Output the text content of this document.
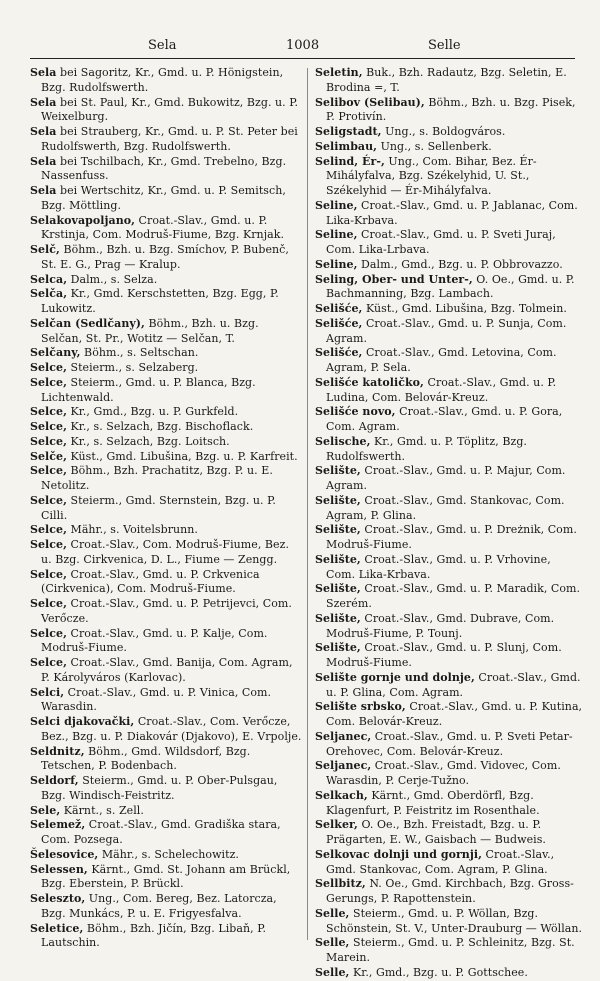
Sela	1008	Selle
Sela bei Sagoritz, Kr., Gmd. u. P. Hönigstein, Bzg. Rudolfswerth.
Sela bei St. Paul, Kr., Gmd. Bukowitz, Bzg. u. P. Weixelburg.
Sela bei Strauberg, Kr., Gmd. u. P. St. Peter bei Rudolfswerth, Bzg. Rudolfswerth.
Sela bei Tschilbach, Kr., Gmd. Trebelno, Bzg. Nassenfuss.
Sela bei Wertschitz, Kr., Gmd. u. P. Semitsch, Bzg. Möttling.
Selakovapoljano, Croat.-Slav., Gmd. u. P. Krstinja, Com. Modruš-Fiume, Bzg. Krnjak.
Selč, Böhm., Bzh. u. Bzg. Smíchov, P. Bubenč, St. E. G., Prag — Kralup.
Selca, Dalm., s. Selza.
Selča, Kr., Gmd. Kerschstetten, Bzg. Egg, P. Lukowitz.
Selčan (Sedlčany), Böhm., Bzh. u. Bzg. Selčan, St. Pr., Wotitz — Selčan, T.
Selčany, Böhm., s. Seltschan.
Selce, Steierm., s. Selzaberg.
Selce, Steierm., Gmd. u. P. Blanca, Bzg. Lichtenwald.
Selce, Kr., Gmd., Bzg. u. P. Gurkfeld.
Selce, Kr., s. Selzach, Bzg. Bischoflack.
Selce, Kr., s. Selzach, Bzg. Loitsch.
Selče, Küst., Gmd. Libušina, Bzg. u. P. Karfreit.
Selce, Böhm., Bzh. Prachatitz, Bzg. P. u. E. Netolitz.
Selce, Steierm., Gmd. Sternstein, Bzg. u. P. Cilli.
Selce, Mähr., s. Voitelsbrunn.
Selce, Croat.-Slav., Com. Modruš-Fiume, Bez. u. Bzg. Cirkvenica, D. L., Fiume — Zengg.
Selce, Croat.-Slav., Gmd. u. P. Crkvenica (Cirkvenica), Com. Modruš-Fiume.
Selce, Croat.-Slav., Gmd. u. P. Petrijevci, Com. Verőcze.
Selce, Croat.-Slav., Gmd. u. P. Kalje, Com. Modruš-Fiume.
Selce, Croat.-Slav., Gmd. Banija, Com. Agram, P. Károlyváros (Karlovac).
Selci, Croat.-Slav., Gmd. u. P. Vinica, Com. Warasdin.
Selci djakovački, Croat.-Slav., Com. Verőcze, Bez., Bzg. u. P. Diakovár (Djakovo), E. Vrpolje.
Seldnitz, Böhm., Gmd. Wildsdorf, Bzg. Tetschen, P. Bodenbach.
Seldorf, Steierm., Gmd. u. P. Ober-Pulsgau, Bzg. Windisch-Feistritz.
Sele, Kärnt., s. Zell.
Selemež, Croat.-Slav., Gmd. Gradiška stara, Com. Pozsega.
Šelesovice, Mähr., s. Schelechowitz.
Selessen, Kärnt., Gmd. St. Johann am Brückl, Bzg. Eberstein, P. Brückl.
Seleszto, Ung., Com. Bereg, Bez. Latorcza, Bzg. Munkács, P. u. E. Frigyesfalva.
Seletice, Böhm., Bzh. Jičín, Bzg. Libaň, P. Lautschin.
Seletin, Buk., Bzh. Radautz, Bzg. Seletin, E. Brodina =, T.
Selibov (Selibau), Böhm., Bzh. u. Bzg. Pisek, P. Protivín.
Seligstadt, Ung., s. Boldogváros.
Selimbau, Ung., s. Sellenberk.
Selind, Ér-, Ung., Com. Bihar, Bez. Ér-Mihályfalva, Bzg. Székelyhid, U. St., Székelyhid — Ér-Mihályfalva.
Seline, Croat.-Slav., Gmd. u. P. Jablanac, Com. Lika-Krbava.
Seline, Croat.-Slav., Gmd. u. P. Sveti Juraj, Com. Lika-Lrbava.
Seline, Dalm., Gmd., Bzg. u. P. Obbrovazzo.
Seling, Ober- und Unter-, O. Oe., Gmd. u. P. Bachmanning, Bzg. Lambach.
Selišće, Küst., Gmd. Libušina, Bzg. Tolmein.
Selišće, Croat.-Slav., Gmd. u. P. Sunja, Com. Agram.
Selišće, Croat.-Slav., Gmd. Letovina, Com. Agram, P. Sela.
Selišće katoličko, Croat.-Slav., Gmd. u. P. Ludina, Com. Belovár-Kreuz.
Selišće novo, Croat.-Slav., Gmd. u. P. Gora, Com. Agram.
Selische, Kr., Gmd. u. P. Töplitz, Bzg. Rudolfswerth.
Selište, Croat.-Slav., Gmd. u. P. Majur, Com. Agram.
Selište, Croat.-Slav., Gmd. Stankovac, Com. Agram, P. Glina.
Selište, Croat.-Slav., Gmd. u. P. Dreżnik, Com. Modruš-Fiume.
Selište, Croat.-Slav., Gmd. u. P. Vrhovine, Com. Lika-Krbava.
Selište, Croat.-Slav., Gmd. u. P. Maradik, Com. Szerém.
Selište, Croat.-Slav., Gmd. Dubrave, Com. Modruš-Fiume, P. Tounj.
Selište, Croat.-Slav., Gmd. u. P. Slunj, Com. Modruš-Fiume.
Selište gornje und dolnje, Croat.-Slav., Gmd. u. P. Glina, Com. Agram.
Selište srbsko, Croat.-Slav., Gmd. u. P. Kutina, Com. Belovár-Kreuz.
Seljanec, Croat.-Slav., Gmd. u. P. Sveti Petar-Orehovec, Com. Belovár-Kreuz.
Seljanec, Croat.-Slav., Gmd. Vidovec, Com. Warasdin, P. Cerje-Tužno.
Selkach, Kärnt., Gmd. Oberdörfl, Bzg. Klagenfurt, P. Feistritz im Rosenthale.
Selker, O. Oe., Bzh. Freistadt, Bzg. u. P. Prägarten, E. W., Gaisbach — Budweis.
Selkovac dolnji und gornji, Croat.-Slav., Gmd. Stankovac, Com. Agram, P. Glina.
Sellbitz, N. Oe., Gmd. Kirchbach, Bzg. Gross-Gerungs, P. Rapottenstein.
Selle, Steierm., Gmd. u. P. Wöllan, Bzg. Schönstein, St. V., Unter-Drauburg — Wöllan.
Selle, Steierm., Gmd. u. P. Schleinitz, Bzg. St. Marein.
Selle, Kr., Gmd., Bzg. u. P. Gottschee.
